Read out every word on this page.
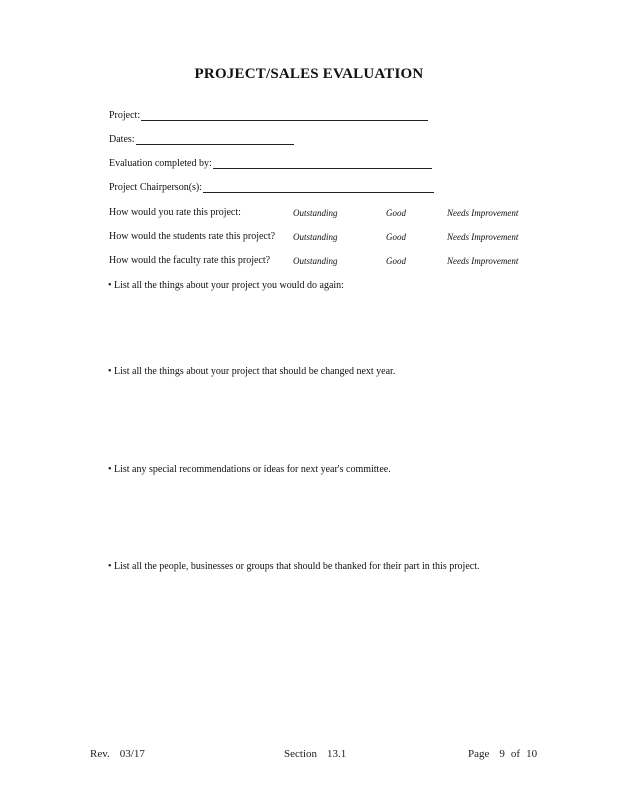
PROJECT/SALES EVALUATION
Project:
Dates:
Evaluation completed by:
Project Chairperson(s):
How would you rate this project:	Outstanding	Good	Needs Improvement
How would the students rate this project? Outstanding	Good	Needs Improvement
How would the faculty rate this project?	Outstanding	Good	Needs Improvement
• List all the things about your project you would do again:
• List all the things about your project that should be changed next year.
• List any special recommendations or ideas for next year's committee.
• List all the people, businesses or groups that should be thanked for their part in this project.
Rev. 03/17	Section 13.1	Page 9 of 10
